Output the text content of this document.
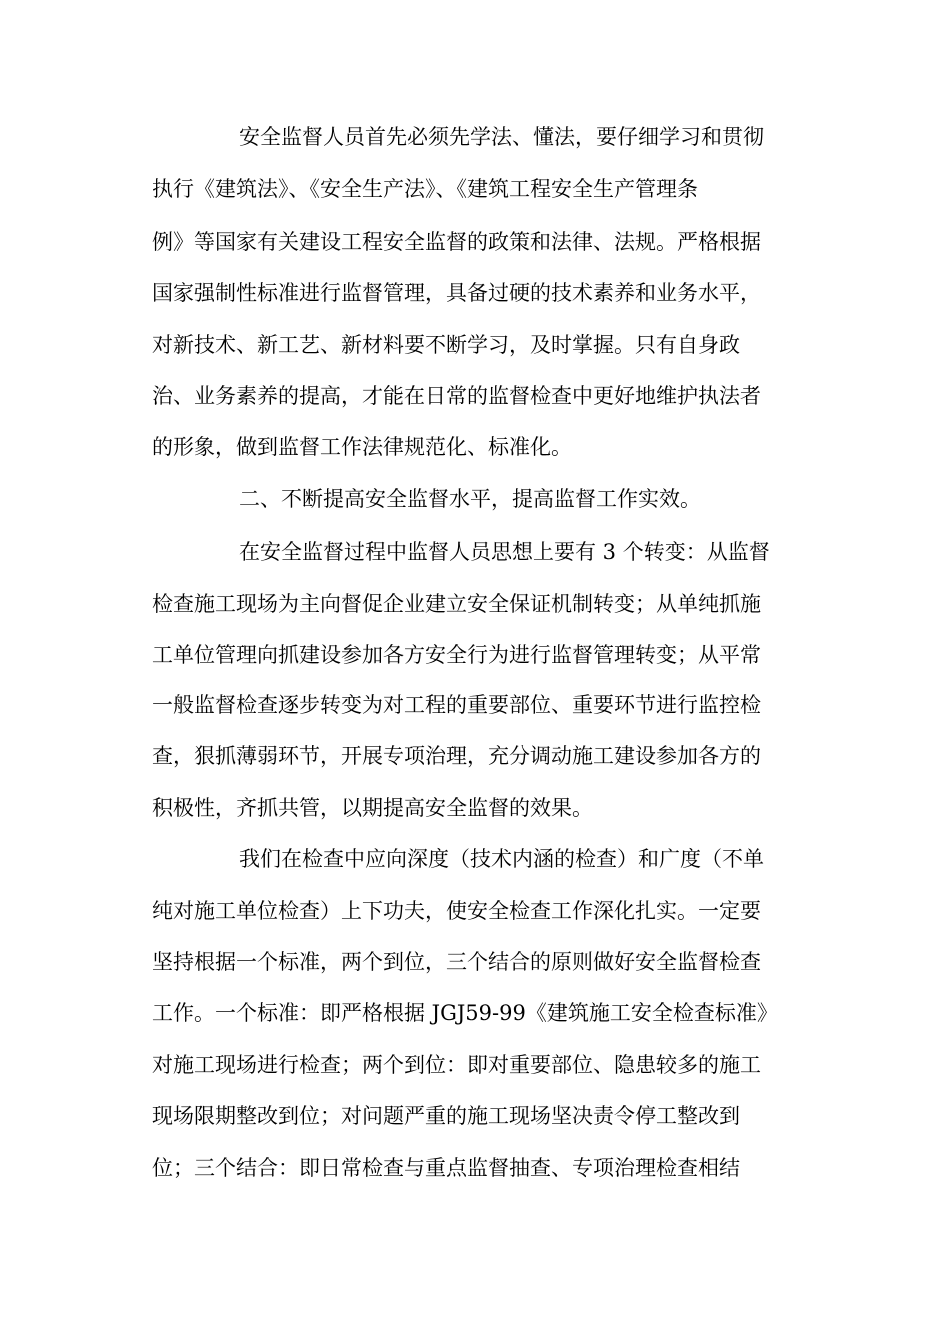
安全监督人员首先必须先学法、懂法，要仔细学习和贯彻

执行《建筑法》、《安全生产法》、《建筑工程安全生产管理条

例》等国家有关建设工程安全监督的政策和法律、法规。严格根据

国家强制性标准进行监督管理，具备过硬的技术素养和业务水平，

对新技术、新工艺、新材料要不断学习，及时掌握。只有自身政

治、业务素养的提高，才能在日常的监督检查中更好地维护执法者

的形象，做到监督工作法律规范化、标准化。

二、不断提高安全监督水平，提高监督工作实效。

在安全监督过程中监督人员思想上要有 3 个转变：从监督

检查施工现场为主向督促企业建立安全保证机制转变；从单纯抓施

工单位管理向抓建设参加各方安全行为进行监督管理转变；从平常

一般监督检查逐步转变为对工程的重要部位、重要环节进行监控检

查，狠抓薄弱环节，开展专项治理，充分调动施工建设参加各方的

积极性，齐抓共管，以期提高安全监督的效果。

我们在检查中应向深度（技术内涵的检查）和广度（不单

纯对施工单位检查）上下功夫，使安全检查工作深化扎实。一定要

坚持根据一个标准，两个到位，三个结合的原则做好安全监督检查

工作。一个标准：即严格根据 JGJ59-99《建筑施工安全检查标准》

对施工现场进行检查；两个到位：即对重要部位、隐患较多的施工

现场限期整改到位；对问题严重的施工现场坚决责令停工整改到

位；三个结合：即日常检查与重点监督抽查、专项治理检查相结
